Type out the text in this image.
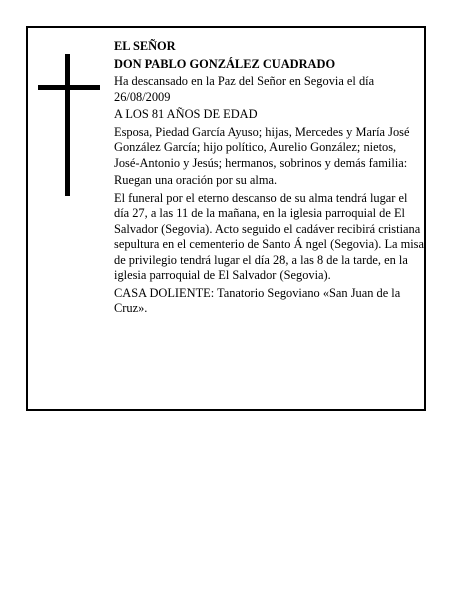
EL SEÑOR

DON PABLO GONZÁLEZ CUADRADO

Ha descansado en la Paz del Señor en Segovia el día 26/08/2009

A LOS 81 AÑOS DE EDAD

Esposa, Piedad García Ayuso; hijas, Mercedes y María José González García; hijo político, Aurelio González; nietos, José-Antonio y Jesús; hermanos, sobrinos y demás familia:

Ruegan una oración por su alma.

El funeral por el eterno descanso de su alma tendrá lugar el día 27, a las 11 de la mañana, en la iglesia parroquial de El Salvador (Segovia). Acto seguido el cadáver recibirá cristiana sepultura en el cementerio de Santo Á ngel (Segovia). La misa de privilegio tendrá lugar el día 28, a las 8 de la tarde, en la iglesia parroquial de El Salvador (Segovia).

CASA DOLIENTE: Tanatorio Segoviano «San Juan de la Cruz».
